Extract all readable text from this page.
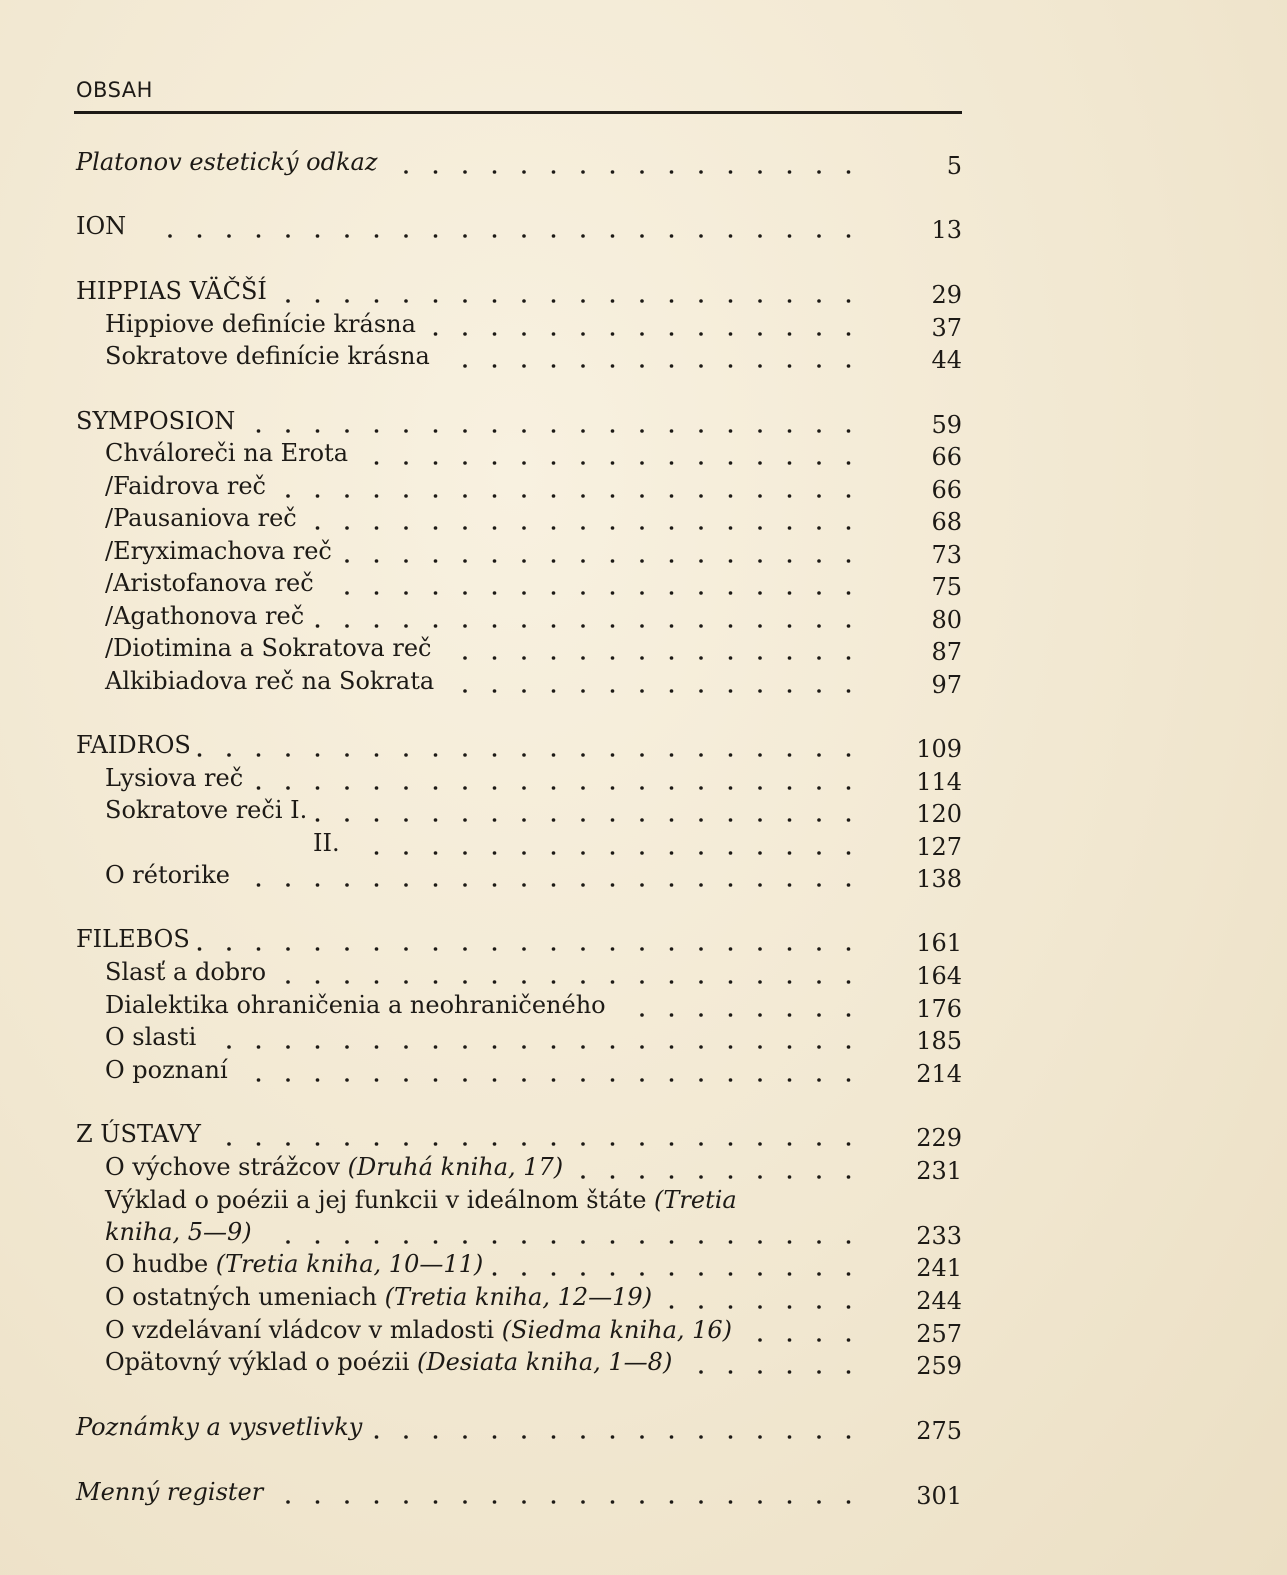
OBSAH
Platonov estetický odkaz	5
ION	13
HIPPIAS VÄČŠÍ	29
Hippiove definície krásna	37
Sokratove definície krásna	44
SYMPOSION	59
Chváloreči na Erota	66
/Faidrova reč	66
/Pausaniova reč	68
/Eryximachova reč	73
/Aristofanova reč	75
/Agathonova reč	80
/Diotimina a Sokratova reč	87
Alkibiadova reč na Sokrata	97
FAIDROS	109
Lysiova reč	114
Sokratove reči I.	120
II.	127
O rétorike	138
FILEBOS	161
Slasť a dobro	164
Dialektika ohraničenia a neohraničeného	176
O slasti	185
O poznaní	214
Z ÚSTAVY	229
O výchove strážcov (Druhá kniha, 17)	231
Výklad o poézii a jej funkcii v ideálnom štáte (Tretia
kniha, 5—9)	233
O hudbe (Tretia kniha, 10—11)	241
O ostatných umeniach (Tretia kniha, 12—19)	244
O vzdelávaní vládcov v mladosti (Siedma kniha, 16)	257
Opätovný výklad o poézii (Desiata kniha, 1—8)	259
Poznámky a vysvetlivky	275
Menný register	301
